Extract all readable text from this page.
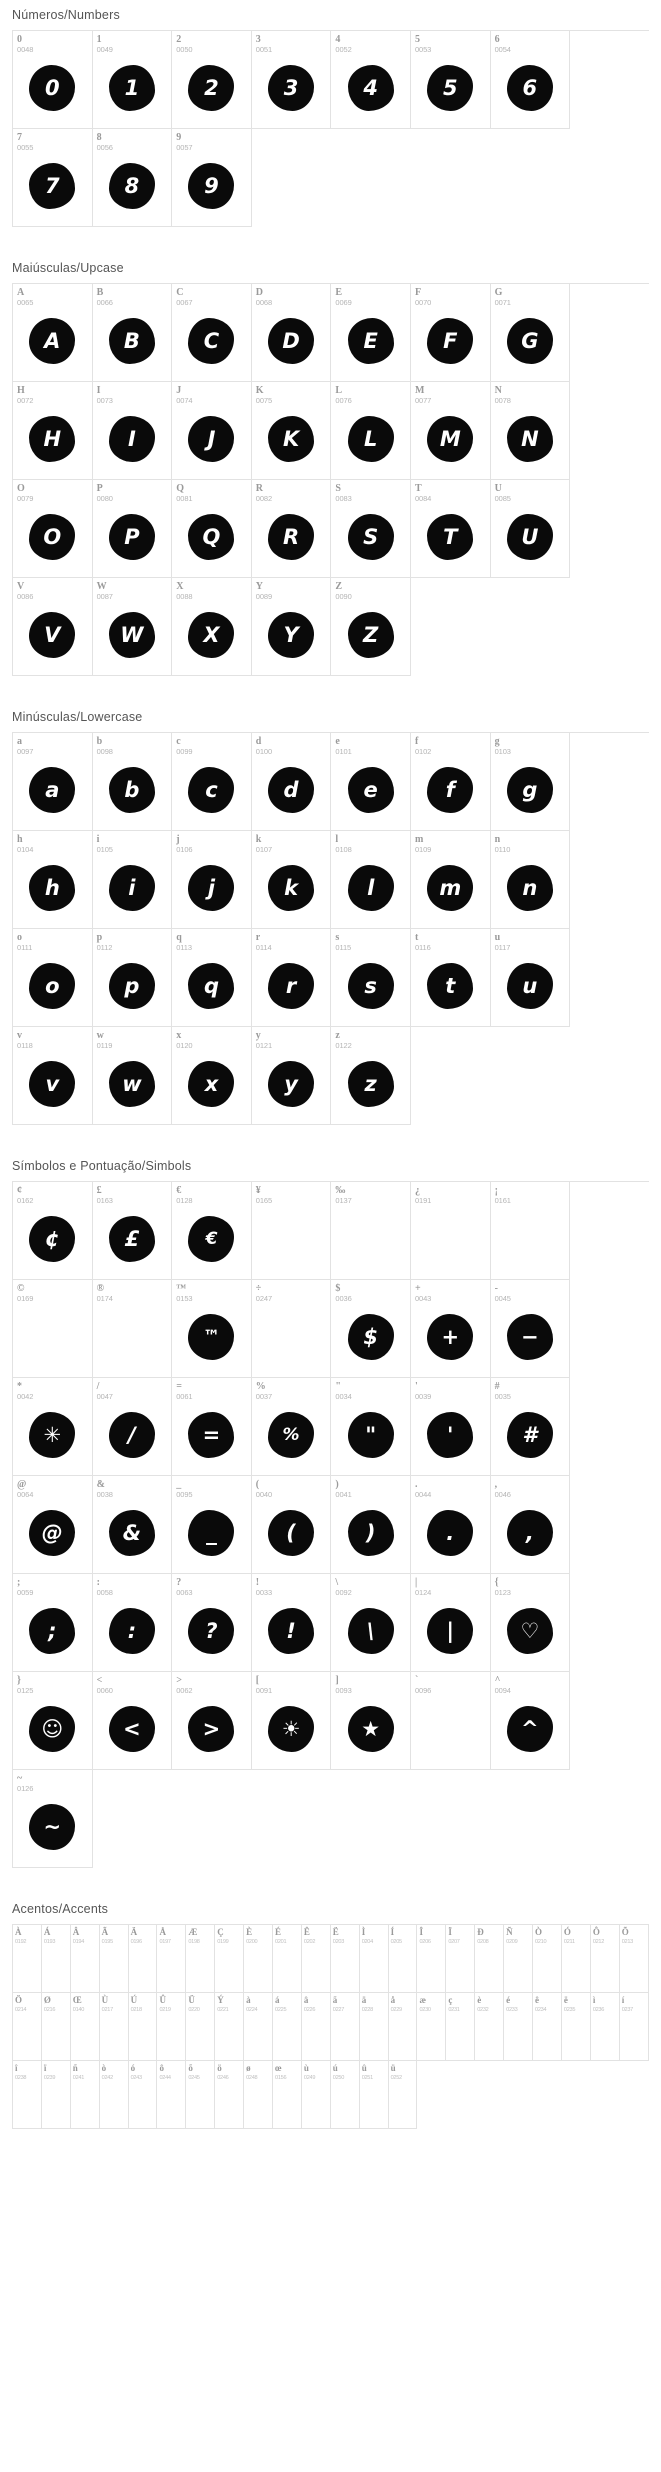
Números/Numbers
0
0048
0
1
0049
1
2
0050
2
3
0051
3
4
0052
4
5
0053
5
6
0054
6
7
0055
7
8
0056
8
9
0057
9
Maiúsculas/Upcase
A
0065
A
B
0066
B
C
0067
C
D
0068
D
E
0069
E
F
0070
F
G
0071
G
H
0072
H
I
0073
I
J
0074
J
K
0075
K
L
0076
L
M
0077
M
N
0078
N
O
0079
O
P
0080
P
Q
0081
Q
R
0082
R
S
0083
S
T
0084
T
U
0085
U
V
0086
V
W
0087
W
X
0088
X
Y
0089
Y
Z
0090
Z
Minúsculas/Lowercase
a
0097
a
b
0098
b
c
0099
c
d
0100
d
e
0101
e
f
0102
f
g
0103
g
h
0104
h
i
0105
i
j
0106
j
k
0107
k
l
0108
l
m
0109
m
n
0110
n
o
0111
o
p
0112
p
q
0113
q
r
0114
r
s
0115
s
t
0116
t
u
0117
u
v
0118
v
w
0119
w
x
0120
x
y
0121
y
z
0122
z
Símbolos e Pontuação/Simbols
¢
0162
¢
£
0163
£
€
0128
€
¥
0165
‰
0137
¿
0191
¡
0161
©
0169
®
0174
™
0153
™
÷
0247
$
0036
$
+
0043
+
-
0045
−
*
0042
✳
/
0047
/
=
0061
=
%
0037
%
"
0034
"
'
0039
'
#
0035
#
@
0064
@
&
0038
&
_
0095
_
(
0040
(
)
0041
)
.
0044
.
,
0046
,
;
0059
;
:
0058
:
?
0063
?
!
0033
!
\
0092
\
|
0124
|
{
0123
♡
}
0125
☺
<
0060
<
>
0062
>
[
0091
☀
]
0093
★
`
0096
^
0094
^
~
0126
~
Acentos/Accents
À
0192
Á
0193
Â
0194
Ã
0195
Ä
0196
Å
0197
Æ
0198
Ç
0199
È
0200
É
0201
Ê
0202
Ë
0203
Ì
0204
Í
0205
Î
0206
Ï
0207
Ð
0208
Ñ
0209
Ò
0210
Ó
0211
Ô
0212
Õ
0213
Ö
0214
Ø
0216
Œ
0140
Ù
0217
Ú
0218
Û
0219
Ü
0220
Ý
0221
à
0224
á
0225
â
0226
ã
0227
ä
0228
å
0229
æ
0230
ç
0231
è
0232
é
0233
ê
0234
ë
0235
ì
0236
í
0237
î
0238
ï
0239
ñ
0241
ò
0242
ó
0243
ô
0244
õ
0245
ö
0246
ø
0248
œ
0156
ù
0249
ú
0250
û
0251
ü
0252
